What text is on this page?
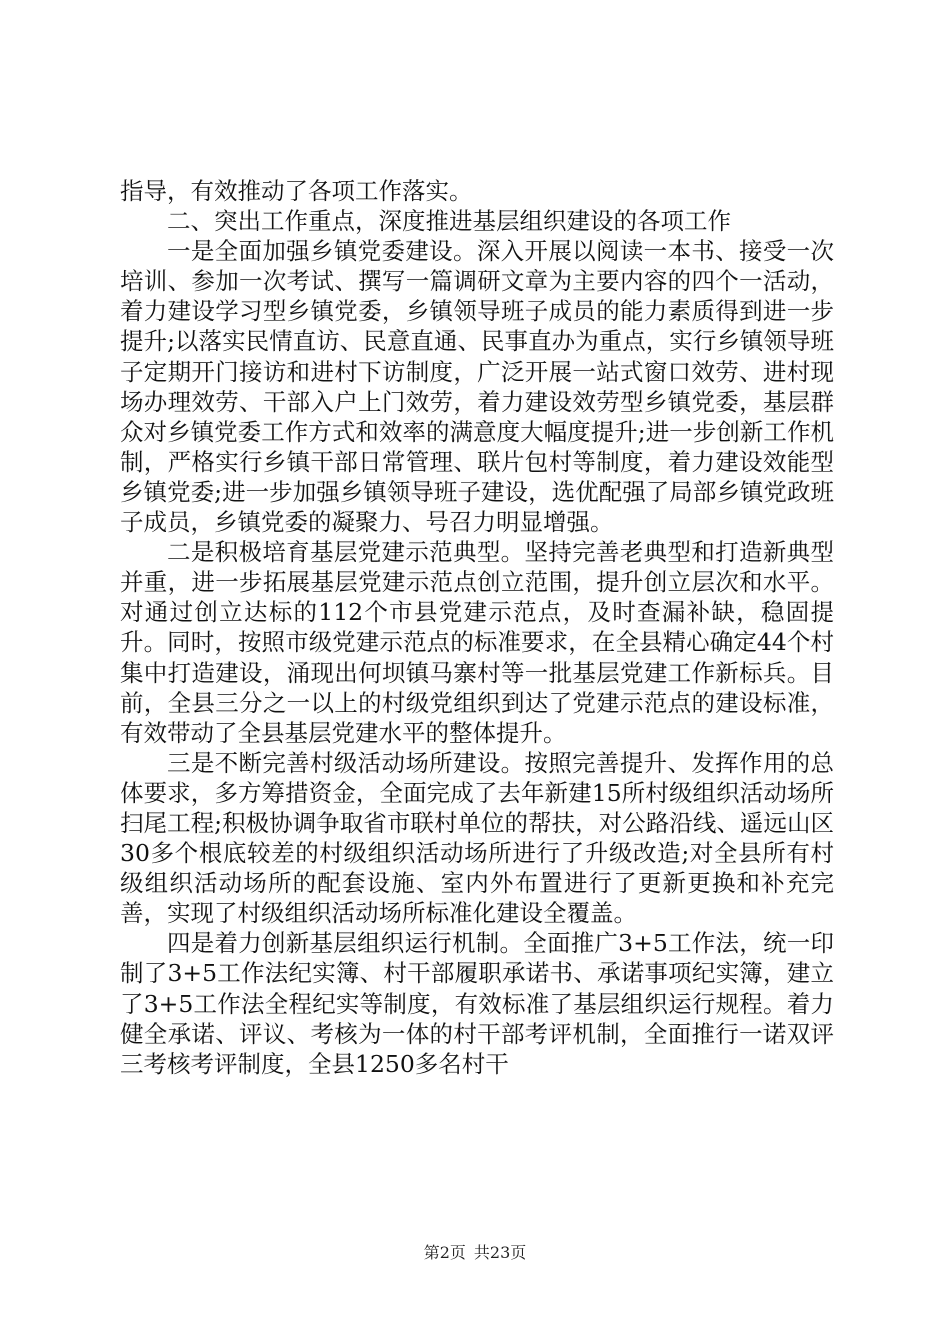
指导，有效推动了各项工作落实。

二、突出工作重点，深度推进基层组织建设的各项工作

一是全面加强乡镇党委建设。深入开展以阅读一本书、接受一次培训、参加一次考试、撰写一篇调研文章为主要内容的四个一活动，着力建设学习型乡镇党委，乡镇领导班子成员的能力素质得到进一步提升;以落实民情直访、民意直通、民事直办为重点，实行乡镇领导班子定期开门接访和进村下访制度，广泛开展一站式窗口效劳、进村现场办理效劳、干部入户上门效劳，着力建设效劳型乡镇党委，基层群众对乡镇党委工作方式和效率的满意度大幅度提升;进一步创新工作机制，严格实行乡镇干部日常管理、联片包村等制度，着力建设效能型乡镇党委;进一步加强乡镇领导班子建设，选优配强了局部乡镇党政班子成员，乡镇党委的凝聚力、号召力明显增强。

二是积极培育基层党建示范典型。坚持完善老典型和打造新典型并重，进一步拓展基层党建示范点创立范围，提升创立层次和水平。对通过创立达标的112个市县党建示范点，及时查漏补缺，稳固提升。同时，按照市级党建示范点的标准要求，在全县精心确定44个村集中打造建设，涌现出何坝镇马寨村等一批基层党建工作新标兵。目前，全县三分之一以上的村级党组织到达了党建示范点的建设标准，有效带动了全县基层党建水平的整体提升。

三是不断完善村级活动场所建设。按照完善提升、发挥作用的总体要求，多方筹措资金，全面完成了去年新建15所村级组织活动场所扫尾工程;积极协调争取省市联村单位的帮扶，对公路沿线、遥远山区30多个根底较差的村级组织活动场所进行了升级改造;对全县所有村级组织活动场所的配套设施、室内外布置进行了更新更换和补充完善，实现了村级组织活动场所标准化建设全覆盖。

四是着力创新基层组织运行机制。全面推广3+5工作法，统一印制了3+5工作法纪实簿、村干部履职承诺书、承诺事项纪实簿，建立了3+5工作法全程纪实等制度，有效标准了基层组织运行规程。着力健全承诺、评议、考核为一体的村干部考评机制，全面推行一诺双评三考核考评制度，全县1250多名村干

第2页 共23页
